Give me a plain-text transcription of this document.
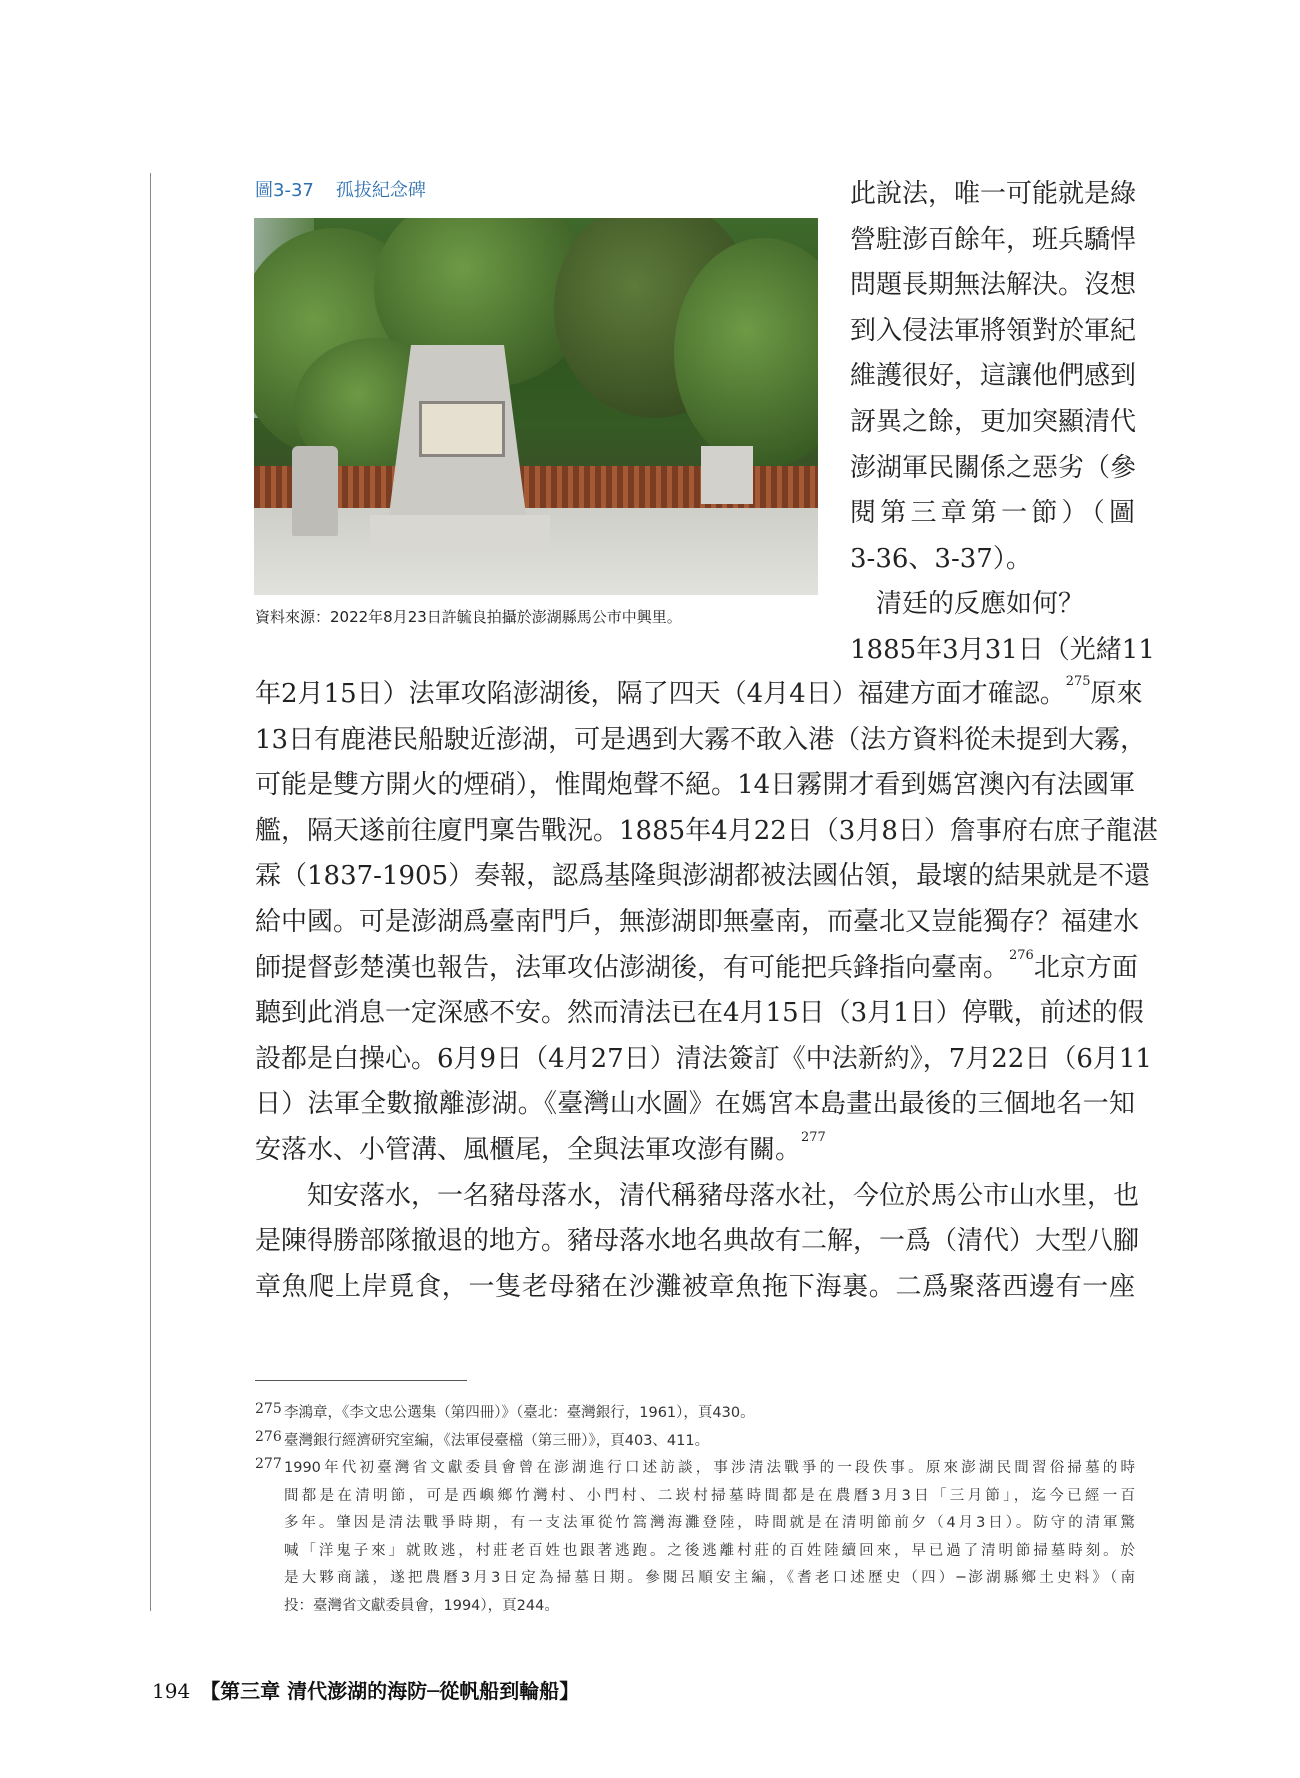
圖3-37 孤拔紀念碑
資料來源：2022年8月23日許毓良拍攝於澎湖縣馬公市中興里。
此說法，唯一可能就是綠
營駐澎百餘年，班兵驕悍
問題長期無法解決。沒想
到入侵法軍將領對於軍紀
維護很好，這讓他們感到
訝異之餘，更加突顯清代
澎湖軍民關係之惡劣（參
閱第三章第一節）（圖
3-36、3-37）。
清廷的反應如何？
1885年3月31日（光緒11
年2月15日）法軍攻陷澎湖後，隔了四天（4月4日）福建方面才確認。$^{275}$原來
13日有鹿港民船駛近澎湖，可是遇到大霧不敢入港（法方資料從未提到大霧，
可能是雙方開火的煙硝），惟聞炮聲不絕。14日霧開才看到媽宮澳內有法國軍
艦，隔天遂前往廈門稟告戰況。1885年4月22日（3月8日）詹事府右庶子龍湛
霖（1837-1905）奏報，認爲基隆與澎湖都被法國佔領，最壞的結果就是不還
給中國。可是澎湖爲臺南門戶，無澎湖即無臺南，而臺北又豈能獨存？福建水
師提督彭楚漢也報告，法軍攻佔澎湖後，有可能把兵鋒指向臺南。$^{276}$北京方面
聽到此消息一定深感不安。然而清法已在4月15日（3月1日）停戰，前述的假
設都是白操心。6月9日（4月27日）清法簽訂《中法新約》，7月22日（6月11
日）法軍全數撤離澎湖。《臺灣山水圖》在媽宮本島畫出最後的三個地名一知
安落水、小管溝、風櫃尾，全與法軍攻澎有關。$^{277}$
知安落水，一名豬母落水，清代稱豬母落水社，今位於馬公市山水里，也
是陳得勝部隊撤退的地方。豬母落水地名典故有二解，一爲（清代）大型八腳
章魚爬上岸覓食，一隻老母豬在沙灘被章魚拖下海裏。二爲聚落西邊有一座
275 李鴻章，《李文忠公選集（第四冊）》（臺北：臺灣銀行，1961），頁430。
276 臺灣銀行經濟研究室編，《法軍侵臺檔（第三冊）》，頁403、411。
277 1990年代初臺灣省文獻委員會曾在澎湖進行口述訪談，事涉清法戰爭的一段佚事。原來澎湖民間習俗掃墓的時
間都是在清明節，可是西嶼鄉竹灣村、小門村、二崁村掃墓時間都是在農曆3月3日「三月節」，迄今已經一百
多年。肇因是清法戰爭時期，有一支法軍從竹篙灣海灘登陸，時間就是在清明節前夕（4月3日）。防守的清軍驚
喊「洋鬼子來」就敗逃，村莊老百姓也跟著逃跑。之後逃離村莊的百姓陸續回來，早已過了清明節掃墓時刻。於
是大夥商議，遂把農曆3月3日定為掃墓日期。參閱呂順安主編，《耆老口述歷史（四）─澎湖縣鄉土史料》（南
投：臺灣省文獻委員會，1994），頁244。
194 【第三章 清代澎湖的海防─從帆船到輪船】
